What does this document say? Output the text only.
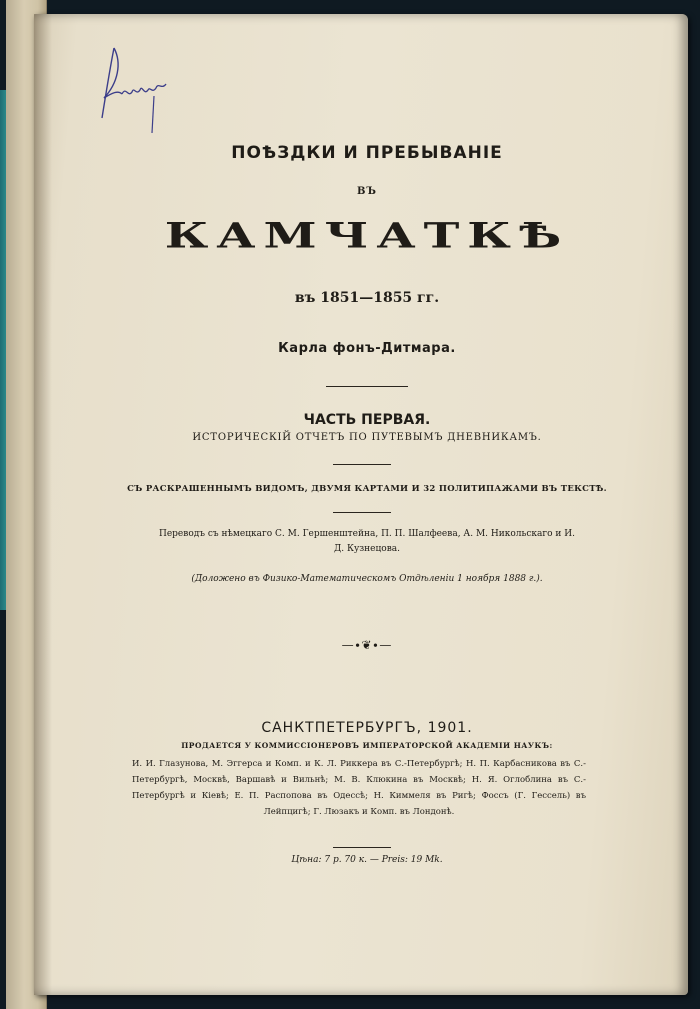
ПОѢЗДКИ И ПРЕБЫВАНІЕ
ВЪ
КАМЧАТКѢ
въ 1851—1855 гг.
Карла фонъ-Дитмара.
ЧАСТЬ ПЕРВАЯ.
ИСТОРИЧЕСКІЙ ОТЧЕТЪ ПО ПУТЕВЫМЪ ДНЕВНИКАМЪ.
СЪ РАСКРАШЕННЫМЪ ВИДОМЪ, ДВУМЯ КАРТАМИ И 32 ПОЛИТИПАЖАМИ ВЪ ТЕКСТѢ.
Переводъ съ нѣмецкаго С. М. Гершенштейна, П. П. Шалфеева, А. М. Никольскаго и И. Д. Кузнецова.
(Доложено въ Физико-Математическомъ Отдѣленіи 1 ноября 1888 г.).
—∙❦∙—
САНКТПЕТЕРБУРГЪ, 1901.
ПРОДАЕТСЯ У КОММИССІОНЕРОВЪ ИМПЕРАТОРСКОЙ АКАДЕМІИ НАУКЪ:
И. И. Глазунова, М. Эггерса и Комп. и К. Л. Риккера въ С.-Петербургѣ; Н. П. Карбасникова въ С.-Петербургѣ, Москвѣ, Варшавѣ и Вильнѣ; М. В. Клюкина въ Москвѣ; Н. Я. Оглоблина въ С.-Петербургѣ и Кіевѣ; Е. П. Распопова въ Одессѣ; Н. Киммеля въ Ригѣ; Фоссъ (Г. Гессель) въ Лейпцигѣ; Г. Люзакъ и Комп. въ Лондонѣ.
Цѣна: 7 р. 70 к. — Preis: 19 Mk.
